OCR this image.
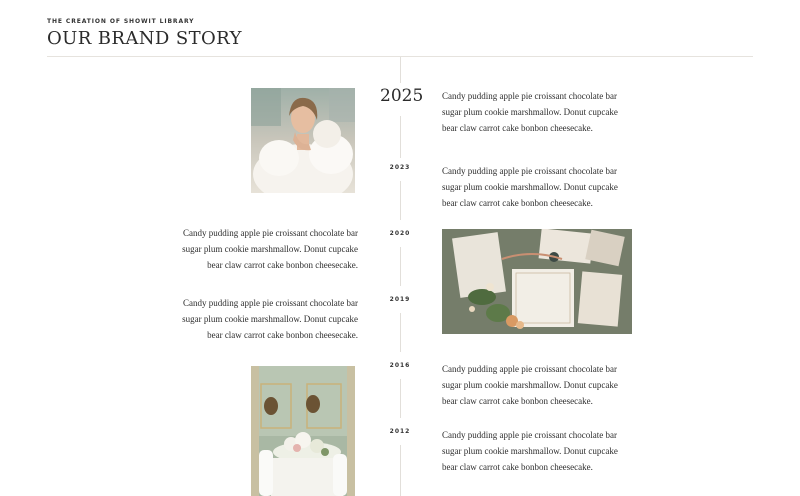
THE CREATION OF SHOWIT LIBRARY
OUR BRAND STORY
2025
2023
2020
2019
2016
2012
Candy pudding apple pie croissant chocolate bar sugar plum cookie marshmallow. Donut cupcake bear claw carrot cake bonbon cheesecake.
Candy pudding apple pie croissant chocolate bar sugar plum cookie marshmallow. Donut cupcake bear claw carrot cake bonbon cheesecake.
Candy pudding apple pie croissant chocolate bar sugar plum cookie marshmallow. Donut cupcake bear claw carrot cake bonbon cheesecake.
Candy pudding apple pie croissant chocolate bar sugar plum cookie marshmallow. Donut cupcake bear claw carrot cake bonbon cheesecake.
Candy pudding apple pie croissant chocolate bar sugar plum cookie marshmallow. Donut cupcake bear claw carrot cake bonbon cheesecake.
Candy pudding apple pie croissant chocolate bar sugar plum cookie marshmallow. Donut cupcake bear claw carrot cake bonbon cheesecake.
